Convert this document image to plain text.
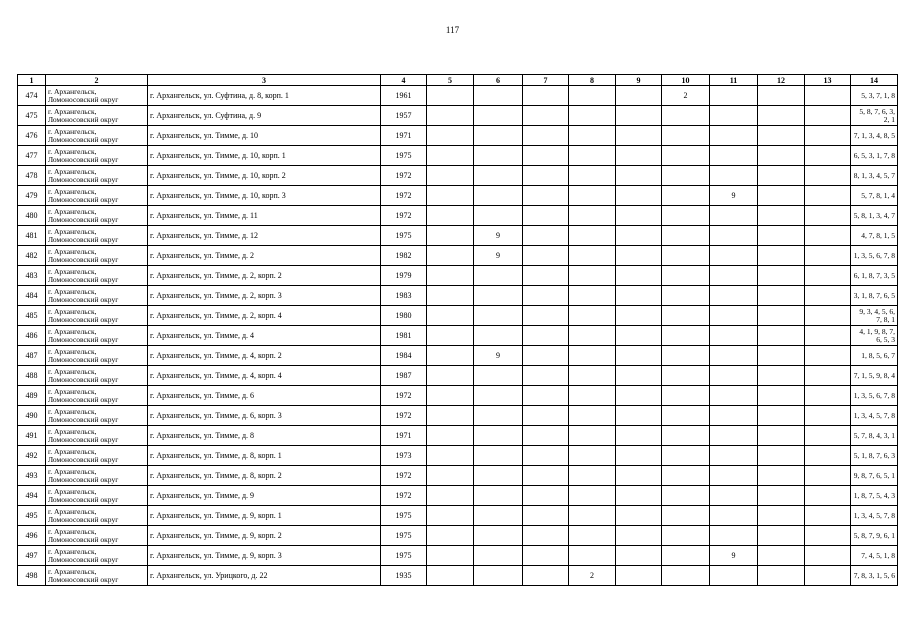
117
1	2	3	4	5	6	7	8	9	10	11	12	13	14
474	г. Архангельск, Ломоносовский округ	г. Архангельск, ул. Суфтина, д. 8, корп. 1	1961						2				5, 3, 7, 1, 8
475	г. Архангельск, Ломоносовский округ	г. Архангельск, ул. Суфтина, д. 9	1957										5, 8, 7, 6, 3, 2, 1
476	г. Архангельск, Ломоносовский округ	г. Архангельск, ул. Тимме, д. 10	1971										7, 1, 3, 4, 8, 5
477	г. Архангельск, Ломоносовский округ	г. Архангельск, ул. Тимме, д. 10, корп. 1	1975										6, 5, 3, 1, 7, 8
478	г. Архангельск, Ломоносовский округ	г. Архангельск, ул. Тимме, д. 10, корп. 2	1972										8, 1, 3, 4, 5, 7
479	г. Архангельск, Ломоносовский округ	г. Архангельск, ул. Тимме, д. 10, корп. 3	1972							9			5, 7, 8, 1, 4
480	г. Архангельск, Ломоносовский округ	г. Архангельск, ул. Тимме, д. 11	1972										5, 8, 1, 3, 4, 7
481	г. Архангельск, Ломоносовский округ	г. Архангельск, ул. Тимме, д. 12	1975		9								4, 7, 8, 1, 5
482	г. Архангельск, Ломоносовский округ	г. Архангельск, ул. Тимме, д. 2	1982		9								1, 3, 5, 6, 7, 8
483	г. Архангельск, Ломоносовский округ	г. Архангельск, ул. Тимме, д. 2, корп. 2	1979										6, 1, 8, 7, 3, 5
484	г. Архангельск, Ломоносовский округ	г. Архангельск, ул. Тимме, д. 2, корп. 3	1983										3, 1, 8, 7, 6, 5
485	г. Архангельск, Ломоносовский округ	г. Архангельск, ул. Тимме, д. 2, корп. 4	1980										9, 3, 4, 5, 6, 7, 8, 1
486	г. Архангельск, Ломоносовский округ	г. Архангельск, ул. Тимме, д. 4	1981										4, 1, 9, 8, 7, 6, 5, 3
487	г. Архангельск, Ломоносовский округ	г. Архангельск, ул. Тимме, д. 4, корп. 2	1984		9								1, 8, 5, 6, 7
488	г. Архангельск, Ломоносовский округ	г. Архангельск, ул. Тимме, д. 4, корп. 4	1987										7, 1, 5, 9, 8, 4
489	г. Архангельск, Ломоносовский округ	г. Архангельск, ул. Тимме, д. 6	1972										1, 3, 5, 6, 7, 8
490	г. Архангельск, Ломоносовский округ	г. Архангельск, ул. Тимме, д. 6, корп. 3	1972										1, 3, 4, 5, 7, 8
491	г. Архангельск, Ломоносовский округ	г. Архангельск, ул. Тимме, д. 8	1971										5, 7, 8, 4, 3, 1
492	г. Архангельск, Ломоносовский округ	г. Архангельск, ул. Тимме, д. 8, корп. 1	1973										5, 1, 8, 7, 6, 3
493	г. Архангельск, Ломоносовский округ	г. Архангельск, ул. Тимме, д. 8, корп. 2	1972										9, 8, 7, 6, 5, 1
494	г. Архангельск, Ломоносовский округ	г. Архангельск, ул. Тимме, д. 9	1972										1, 8, 7, 5, 4, 3
495	г. Архангельск, Ломоносовский округ	г. Архангельск, ул. Тимме, д. 9, корп. 1	1975										1, 3, 4, 5, 7, 8
496	г. Архангельск, Ломоносовский округ	г. Архангельск, ул. Тимме, д. 9, корп. 2	1975										5, 8, 7, 9, 6, 1
497	г. Архангельск, Ломоносовский округ	г. Архангельск, ул. Тимме, д. 9, корп. 3	1975							9			7, 4, 5, 1, 8
498	г. Архангельск, Ломоносовский округ	г. Архангельск, ул. Урицкого, д. 22	1935				2						7, 8, 3, 1, 5, 6
